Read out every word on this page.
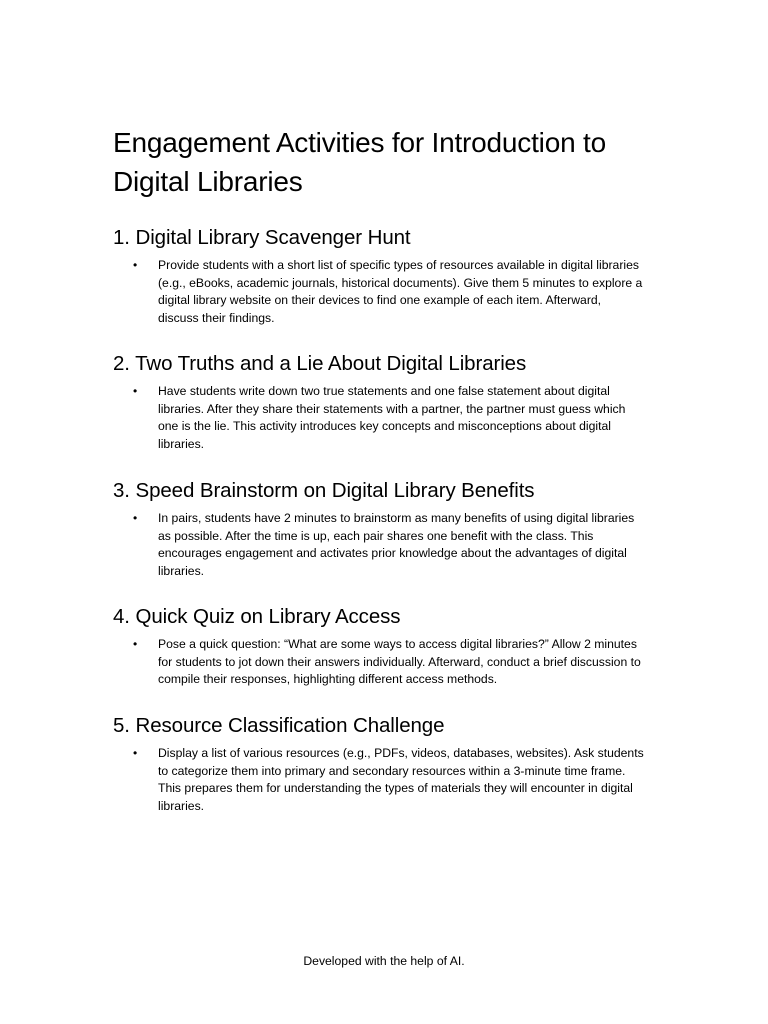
Engagement Activities for Introduction to Digital Libraries
1. Digital Library Scavenger Hunt
• Provide students with a short list of specific types of resources available in digital libraries (e.g., eBooks, academic journals, historical documents). Give them 5 minutes to explore a digital library website on their devices to find one example of each item. Afterward, discuss their findings.
2. Two Truths and a Lie About Digital Libraries
• Have students write down two true statements and one false statement about digital libraries. After they share their statements with a partner, the partner must guess which one is the lie. This activity introduces key concepts and misconceptions about digital libraries.
3. Speed Brainstorm on Digital Library Benefits
• In pairs, students have 2 minutes to brainstorm as many benefits of using digital libraries as possible. After the time is up, each pair shares one benefit with the class. This encourages engagement and activates prior knowledge about the advantages of digital libraries.
4. Quick Quiz on Library Access
• Pose a quick question: “What are some ways to access digital libraries?” Allow 2 minutes for students to jot down their answers individually. Afterward, conduct a brief discussion to compile their responses, highlighting different access methods.
5. Resource Classification Challenge
• Display a list of various resources (e.g., PDFs, videos, databases, websites). Ask students to categorize them into primary and secondary resources within a 3-minute time frame. This prepares them for understanding the types of materials they will encounter in digital libraries.
Developed with the help of AI.
